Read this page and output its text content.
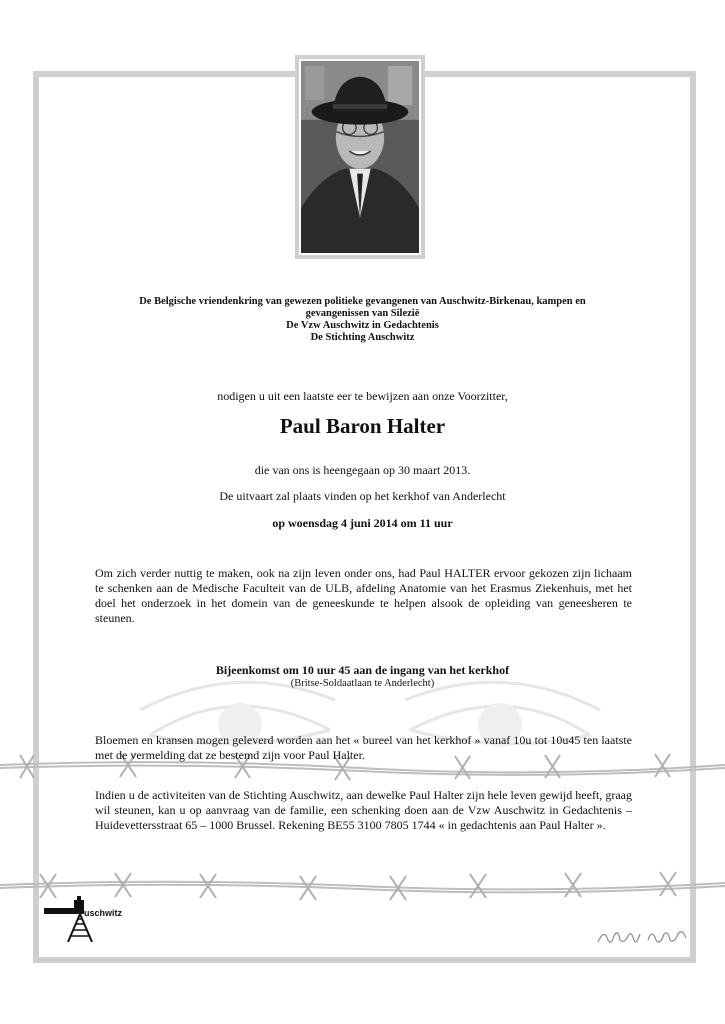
De Belgische vriendenkring van gewezen politieke gevangenen van Auschwitz-Birkenau, kampen en
gevangenissen van Silezië
De Vzw Auschwitz in Gedachtenis
De Stichting Auschwitz
nodigen u uit een laatste eer te bewijzen aan onze Voorzitter,
Paul Baron Halter
die van ons is heengegaan op 30 maart 2013.
De uitvaart zal plaats vinden op het kerkhof van Anderlecht
op woensdag 4 juni 2014 om 11 uur
Om zich verder nuttig te maken, ook na zijn leven onder ons, had Paul HALTER ervoor gekozen zijn lichaam te schenken aan de Medische Faculteit van de ULB, afdeling Anatomie van het Erasmus Ziekenhuis, met het doel het onderzoek in het domein van de geneeskunde te helpen alsook de opleiding van geneesheren te steunen.
Bijeenkomst om 10 uur 45 aan de ingang van het kerkhof
(Britse-Soldaatlaan te Anderlecht)
Bloemen en kransen mogen geleverd worden aan het « bureel van het kerkhof » vanaf 10u tot 10u45 ten laatste met de vermelding dat ze bestemd zijn voor Paul Halter.
Indien u de activiteiten van de Stichting Auschwitz, aan dewelke Paul Halter zijn hele leven gewijd heeft, graag wil steunen, kan u op aanvraag van de familie, een schenking doen aan de Vzw Auschwitz in Gedachtenis – Huidevettersstraat 65 – 1000 Brussel. Rekening BE55 3100 7805 1744 « in gedachtenis aan Paul Halter ».
uschwitz
